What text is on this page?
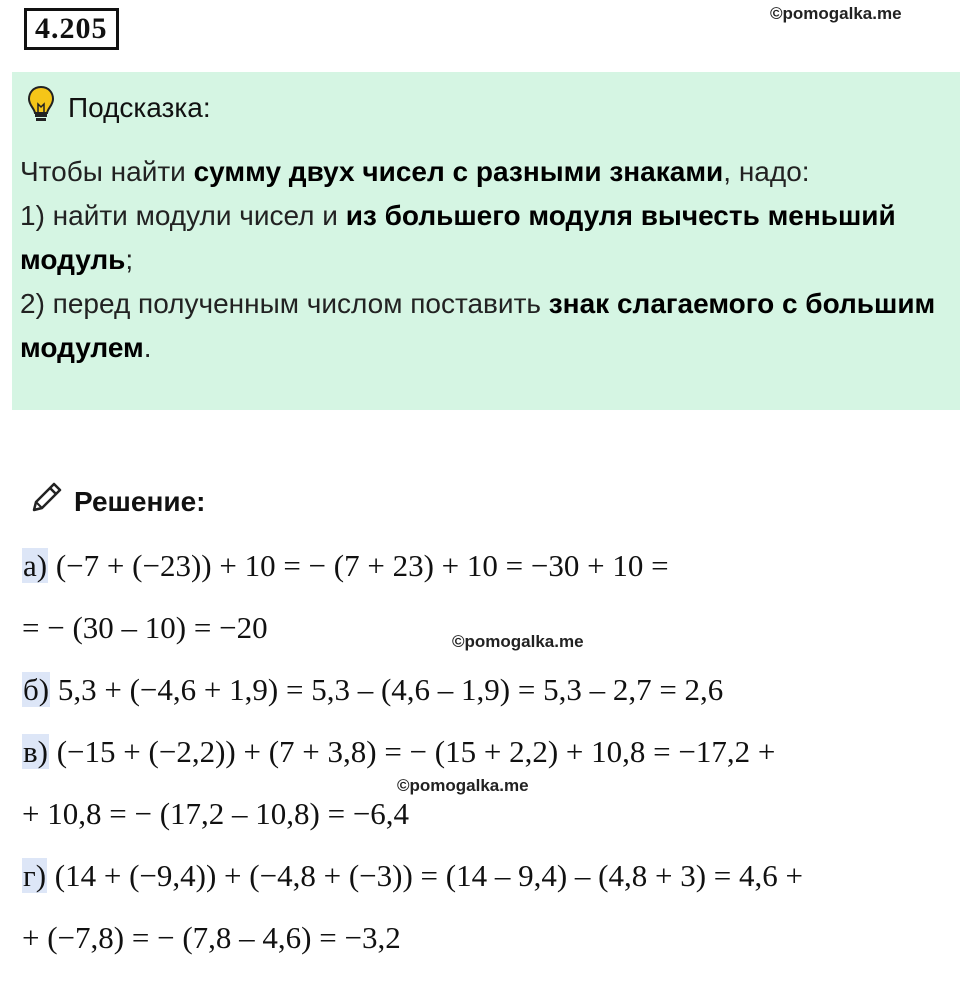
4.205	©pomogalka.me
Подсказка:
Чтобы найти сумму двух чисел с разными знаками, надо:
1) найти модули чисел и из большего модуля вычесть меньший модуль;
2) перед полученным числом поставить знак слагаемого с большим модулем.
Решение:
а) (−7 + (−23)) + 10 = − (7 + 23) + 10 = −30 + 10 =
= − (30 – 10) = −20	©pomogalka.me
б) 5,3 + (−4,6 + 1,9) = 5,3 – (4,6 – 1,9) = 5,3 – 2,7 = 2,6
в) (−15 + (−2,2)) + (7 + 3,8) = − (15 + 2,2) + 10,8 = −17,2 +
©pomogalka.me
+ 10,8 = − (17,2 – 10,8) = −6,4
г) (14 + (−9,4)) + (−4,8 + (−3)) = (14 – 9,4) – (4,8 + 3) = 4,6 +
+ (−7,8) = − (7,8 – 4,6) = −3,2
